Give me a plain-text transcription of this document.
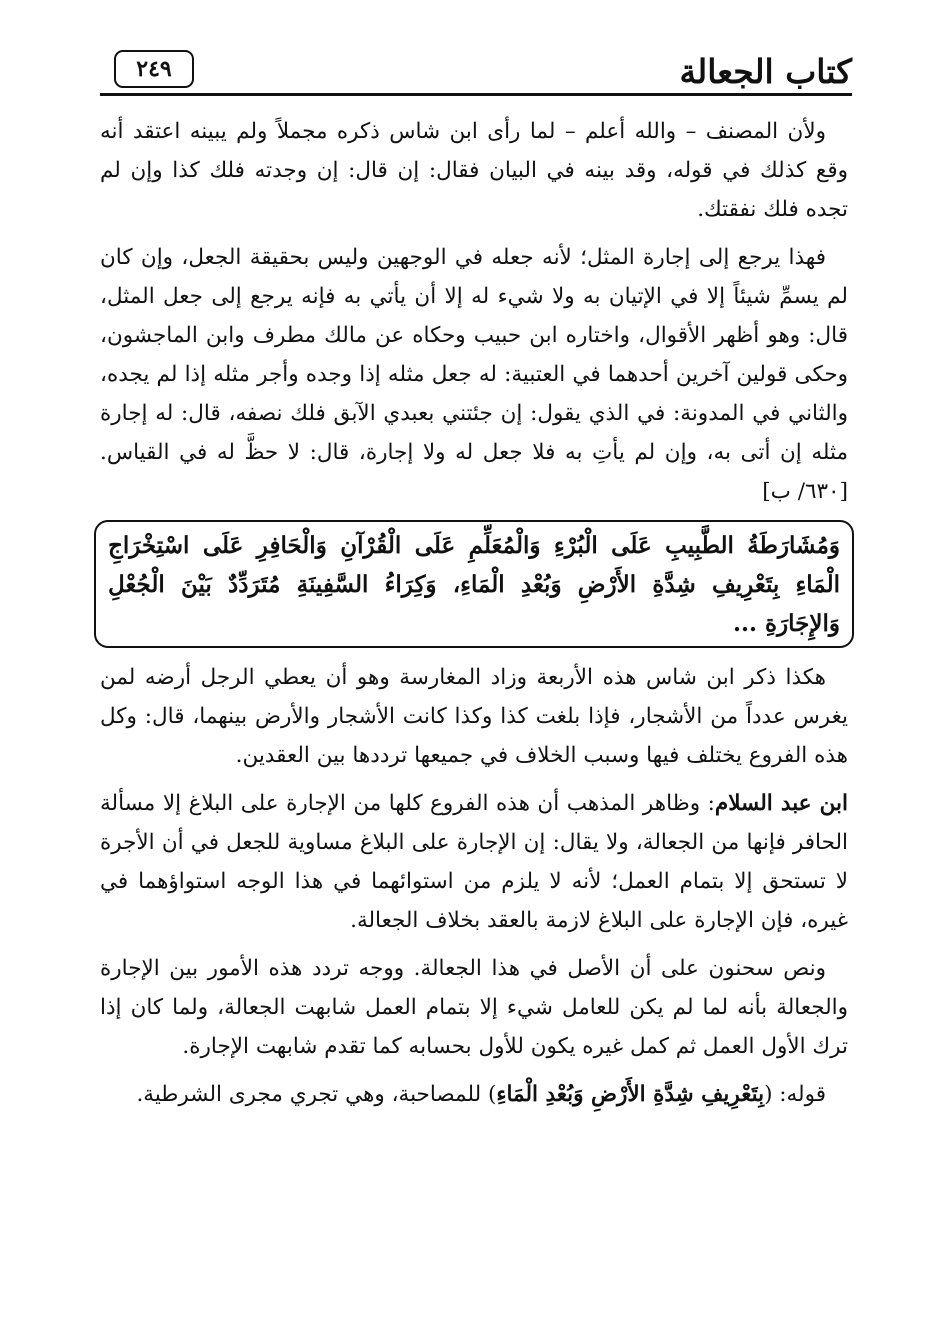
كتاب الجعالة
٢٤٩

ولأن المصنف – والله أعلم – لما رأى ابن شاس ذكره مجملاً ولم يبينه اعتقد أنه وقع كذلك في قوله، وقد بينه في البيان فقال: إن قال: إن وجدته فلك كذا وإن لم تجده فلك نفقتك.

فهذا يرجع إلى إجارة المثل؛ لأنه جعله في الوجهين وليس بحقيقة الجعل، وإن كان لم يسمِّ شيئاً إلا في الإتيان به ولا شيء له إلا أن يأتي به فإنه يرجع إلى جعل المثل، قال: وهو أظهر الأقوال، واختاره ابن حبيب وحكاه عن مالك مطرف وابن الماجشون، وحكى قولين آخرين أحدهما في العتبية: له جعل مثله إذا وجده وأجر مثله إذا لم يجده، والثاني في المدونة: في الذي يقول: إن جئتني بعبدي الآبق فلك نصفه، قال: له إجارة مثله إن أتى به، وإن لم يأتِ به فلا جعل له ولا إجارة، قال: لا حظَّ له في القياس. [٦٣٠/ ب]

وَمُشَارَطَةُ الطَّبِيبِ عَلَى الْبُرْءِ وَالْمُعَلِّمِ عَلَى الْقُرْآنِ وَالْحَافِرِ عَلَى اسْتِخْرَاجِ الْمَاءِ بِتَعْرِيفِ شِدَّةِ الأَرْضِ وَبُعْدِ الْمَاءِ، وَكِرَاءُ السَّفِينَةِ مُتَرَدِّدٌ بَيْنَ الْجُعْلِ وَالإِجَارَةِ ...

هكذا ذكر ابن شاس هذه الأربعة وزاد المغارسة وهو أن يعطي الرجل أرضه لمن يغرس عدداً من الأشجار، فإذا بلغت كذا وكذا كانت الأشجار والأرض بينهما، قال: وكل هذه الفروع يختلف فيها وسبب الخلاف في جميعها ترددها بين العقدين.

ابن عبد السلام: وظاهر المذهب أن هذه الفروع كلها من الإجارة على البلاغ إلا مسألة الحافر فإنها من الجعالة، ولا يقال: إن الإجارة على البلاغ مساوية للجعل في أن الأجرة لا تستحق إلا بتمام العمل؛ لأنه لا يلزم من استوائهما في هذا الوجه استواؤهما في غيره، فإن الإجارة على البلاغ لازمة بالعقد بخلاف الجعالة.

ونص سحنون على أن الأصل في هذا الجعالة. ووجه تردد هذه الأمور بين الإجارة والجعالة بأنه لما لم يكن للعامل شيء إلا بتمام العمل شابهت الجعالة، ولما كان إذا ترك الأول العمل ثم كمل غيره يكون للأول بحسابه كما تقدم شابهت الإجارة.

قوله: (بِتَعْرِيفِ شِدَّةِ الأَرْضِ وَبُعْدِ الْمَاءِ) للمصاحبة، وهي تجري مجرى الشرطية.
